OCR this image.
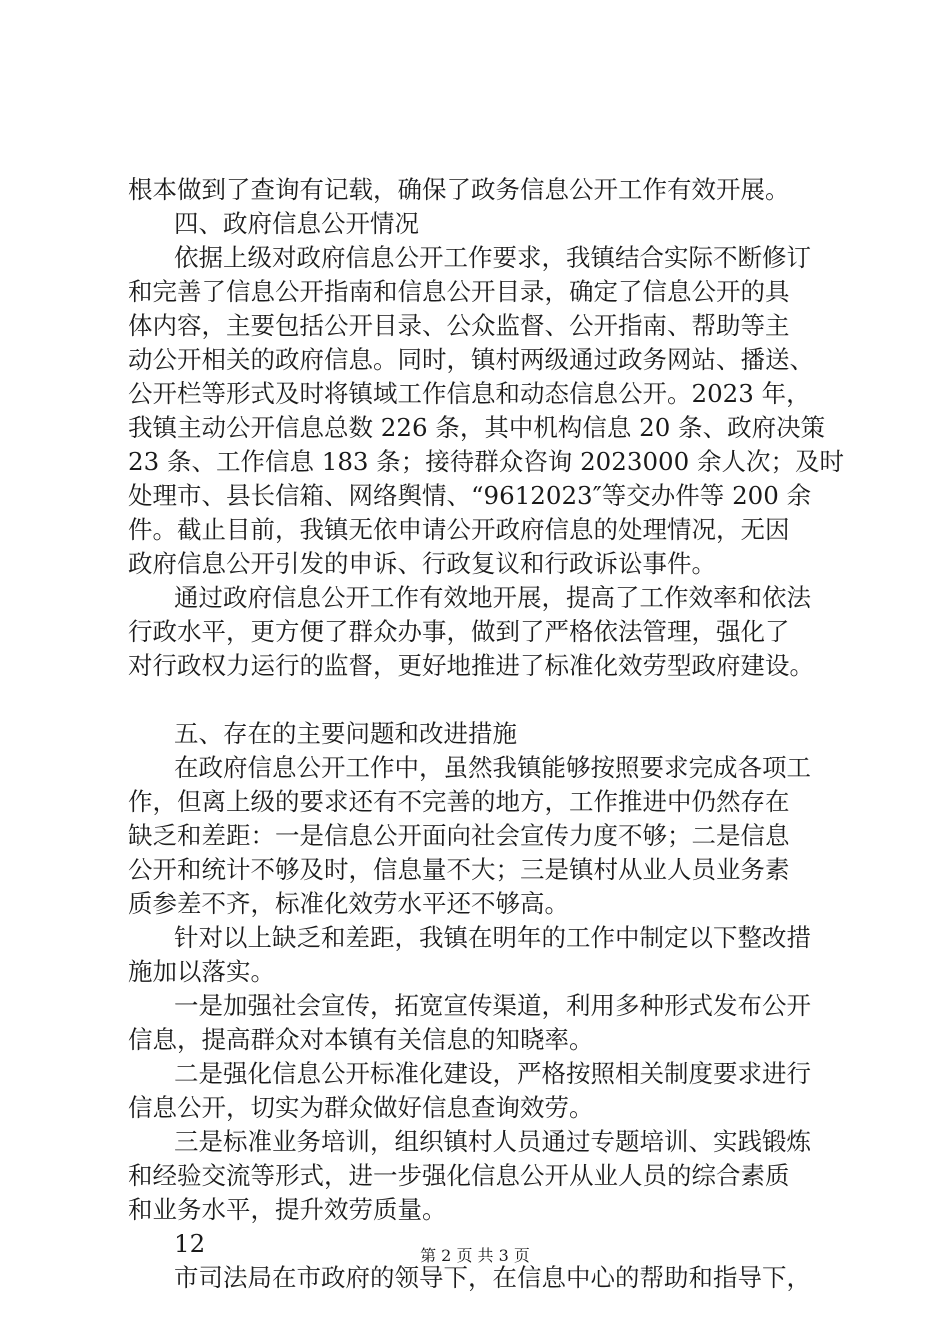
根本做到了查询有记载，确保了政务信息公开工作有效开展。
四、政府信息公开情况
依据上级对政府信息公开工作要求，我镇结合实际不断修订
和完善了信息公开指南和信息公开目录，确定了信息公开的具
体内容，主要包括公开目录、公众监督、公开指南、帮助等主
动公开相关的政府信息。同时，镇村两级通过政务网站、播送、
公开栏等形式及时将镇域工作信息和动态信息公开。2023 年，
我镇主动公开信息总数 226 条，其中机构信息 20 条、政府决策
23 条、工作信息 183 条；接待群众咨询 2023000 余人次；及时
处理市、县长信箱、网络舆情、“9612023″等交办件等 200 余
件。截止目前，我镇无依申请公开政府信息的处理情况，无因
政府信息公开引发的申诉、行政复议和行政诉讼事件。
通过政府信息公开工作有效地开展，提高了工作效率和依法
行政水平，更方便了群众办事，做到了严格依法管理，强化了
对行政权力运行的监督，更好地推进了标准化效劳型政府建设。
五、存在的主要问题和改进措施
在政府信息公开工作中，虽然我镇能够按照要求完成各项工
作，但离上级的要求还有不完善的地方，工作推进中仍然存在
缺乏和差距：一是信息公开面向社会宣传力度不够；二是信息
公开和统计不够及时，信息量不大；三是镇村从业人员业务素
质参差不齐，标准化效劳水平还不够高。
针对以上缺乏和差距，我镇在明年的工作中制定以下整改措
施加以落实。
一是加强社会宣传，拓宽宣传渠道，利用多种形式发布公开
信息，提高群众对本镇有关信息的知晓率。
二是强化信息公开标准化建设，严格按照相关制度要求进行
信息公开，切实为群众做好信息查询效劳。
三是标准业务培训，组织镇村人员通过专题培训、实践锻炼
和经验交流等形式，进一步强化信息公开从业人员的综合素质
和业务水平，提升效劳质量。
12
市司法局在市政府的领导下，在信息中心的帮助和指导下，
第 2 页 共 3 页
